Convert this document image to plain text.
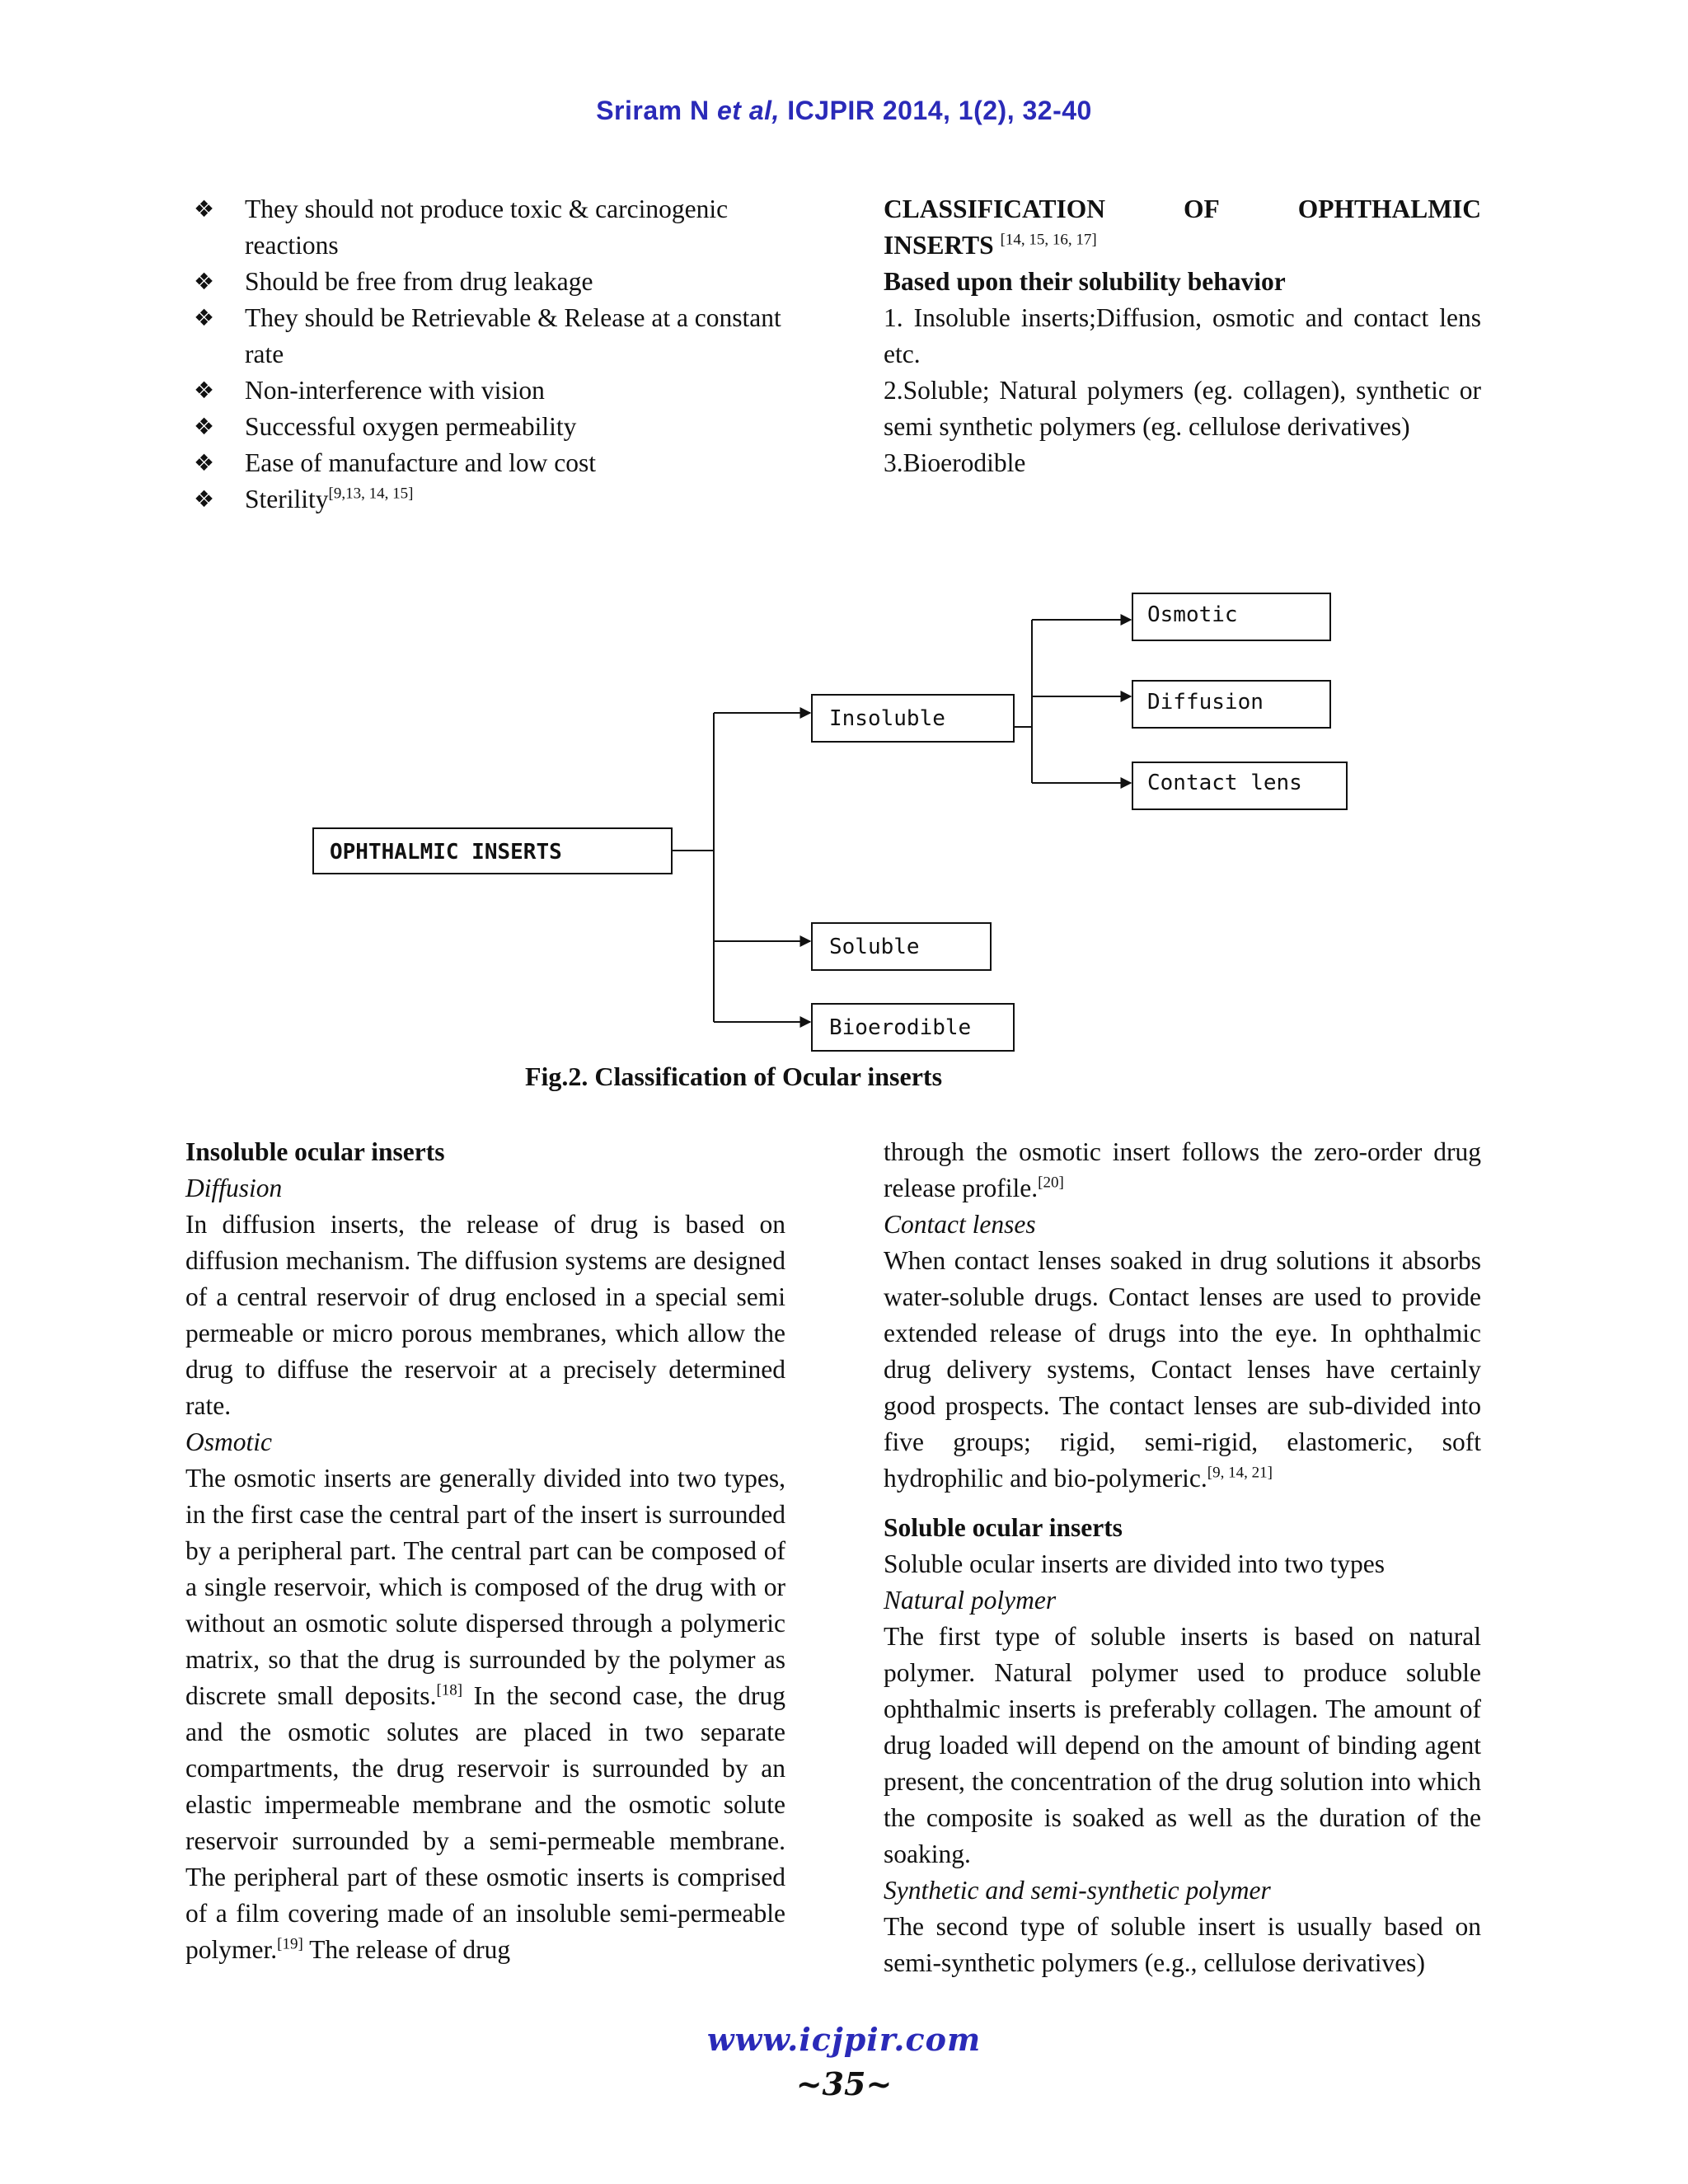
Sriram N et al, ICJPIR 2014, 1(2), 32-40
❖ They should not produce toxic & carcinogenic reactions
❖ Should be free from drug leakage
❖ They should be Retrievable & Release at a constant rate
❖ Non-interference with vision
❖ Successful oxygen permeability
❖ Ease of manufacture and low cost
❖ Sterility[9,13, 14, 15]
CLASSIFICATION	OF	OPHTHALMIC
INSERTS [14, 15, 16, 17]

Based upon their solubility behavior

1. Insoluble inserts;Diffusion, osmotic and contact lens etc.

2.Soluble; Natural polymers (eg. collagen), synthetic or semi synthetic polymers (eg. cellulose derivatives)

3.Bioerodible

OPHTHALMIC INSERTS
Insoluble
Soluble
Bioerodible
Osmotic
Diffusion
Contact lens
Fig.2. Classification of Ocular inserts

Insoluble ocular inserts

Diffusion

In diffusion inserts, the release of drug is based on diffusion mechanism. The diffusion systems are designed of a central reservoir of drug enclosed in a special semi permeable or micro porous membranes, which allow the drug to diffuse the reservoir at a precisely determined rate.

Osmotic

The osmotic inserts are generally divided into two types, in the first case the central part of the insert is surrounded by a peripheral part. The central part can be composed of a single reservoir, which is composed of the drug with or without an osmotic solute dispersed through a polymeric matrix, so that the drug is surrounded by the polymer as discrete small deposits.[18] In the second case, the drug and the osmotic solutes are placed in two separate compartments, the drug reservoir is surrounded by an elastic impermeable membrane and the osmotic solute reservoir surrounded by a semi-permeable membrane. The peripheral part of these osmotic inserts is comprised of a film covering made of an insoluble semi-permeable polymer.[19] The release of drug

through the osmotic insert follows the zero-order drug release profile.[20]

Contact lenses

When contact lenses soaked in drug solutions it absorbs water-soluble drugs. Contact lenses are used to provide extended release of drugs into the eye. In ophthalmic drug delivery systems, Contact lenses have certainly good prospects. The contact lenses are sub-divided into five groups; rigid, semi-rigid, elastomeric, soft hydrophilic and bio-polymeric.[9, 14, 21]

Soluble ocular inserts

Soluble ocular inserts are divided into two types

Natural polymer

The first type of soluble inserts is based on natural polymer. Natural polymer used to produce soluble ophthalmic inserts is preferably collagen. The amount of drug loaded will depend on the amount of binding agent present, the concentration of the drug solution into which the composite is soaked as well as the duration of the soaking.

Synthetic and semi-synthetic polymer

The second type of soluble insert is usually based on semi-synthetic polymers (e.g., cellulose derivatives)

www.icjpir.com
~35~
